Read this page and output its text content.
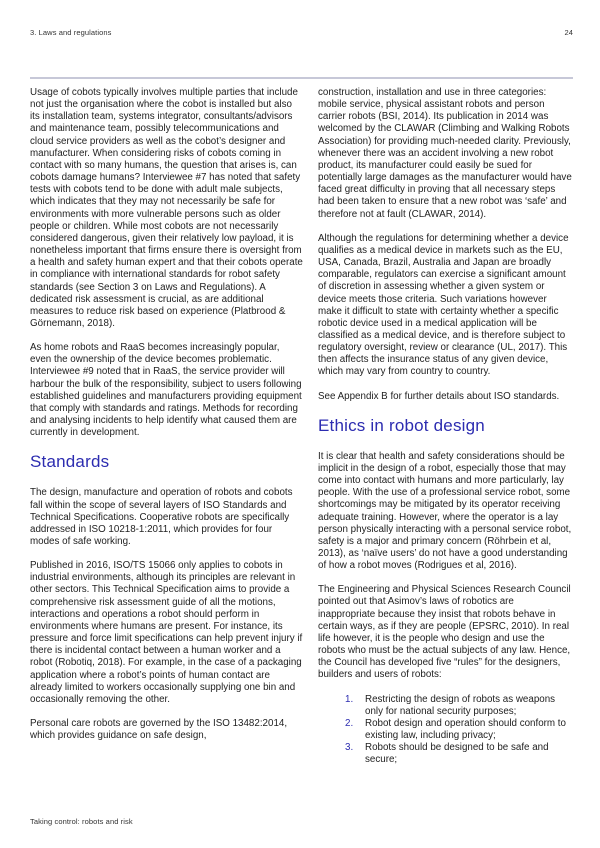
3. Laws and regulations	24

Usage of cobots typically involves multiple parties that include not just the organisation where the cobot is installed but also its installation team, systems integrator, consultants/advisors and maintenance team, possibly telecommunications and cloud service providers as well as the cobot’s designer and manufacturer. When considering risks of cobots coming in contact with so many humans, the question that arises is, can cobots damage humans? Interviewee #7 has noted that safety tests with cobots tend to be done with adult male subjects, which indicates that they may not necessarily be safe for environments with more vulnerable persons such as older people or children. While most cobots are not necessarily considered dangerous, given their relatively low payload, it is nonetheless important that firms ensure there is oversight from a health and safety human expert and that their cobots operate in compliance with international standards for robot safety standards (see Section 3 on Laws and Regulations). A dedicated risk assessment is crucial, as are additional measures to reduce risk based on experience (Platbrood & Görnemann, 2018).

As home robots and RaaS becomes increasingly popular, even the ownership of the device becomes problematic. Interviewee #9 noted that in RaaS, the service provider will harbour the bulk of the responsibility, subject to users following established guidelines and manufacturers providing equipment that comply with standards and ratings. Methods for recording and analysing incidents to help identify what caused them are currently in development.

Standards

The design, manufacture and operation of robots and cobots fall within the scope of several layers of ISO Standards and Technical Specifications. Cooperative robots are specifically addressed in ISO 10218-1:2011, which provides for four modes of safe working.

Published in 2016, ISO/TS 15066 only applies to cobots in industrial environments, although its principles are relevant in other sectors. This Technical Specification aims to provide a comprehensive risk assessment guide of all the motions, interactions and operations a robot should perform in environments where humans are present. For instance, its pressure and force limit specifications can help prevent injury if there is incidental contact between a human worker and a robot (Robotiq, 2018). For example, in the case of a packaging application where a robot’s points of human contact are already limited to workers occasionally supplying one bin and occasionally removing the other.

Personal care robots are governed by the ISO 13482:2014, which provides guidance on safe design,

construction, installation and use in three categories: mobile service, physical assistant robots and person carrier robots (BSI, 2014). Its publication in 2014 was welcomed by the CLAWAR (Climbing and Walking Robots Association) for providing much-needed clarity. Previously, whenever there was an accident involving a new robot product, its manufacturer could easily be sued for potentially large damages as the manufacturer would have faced great difficulty in proving that all necessary steps had been taken to ensure that a new robot was ‘safe’ and therefore not at fault (CLAWAR, 2014).

Although the regulations for determining whether a device qualifies as a medical device in markets such as the EU, USA, Canada, Brazil, Australia and Japan are broadly comparable, regulators can exercise a significant amount of discretion in assessing whether a given system or device meets those criteria. Such variations however make it difficult to state with certainty whether a specific robotic device used in a medical application will be classified as a medical device, and is therefore subject to regulatory oversight, review or clearance (UL, 2017). This then affects the insurance status of any given device, which may vary from country to country.

See Appendix B for further details about ISO standards.

Ethics in robot design

It is clear that health and safety considerations should be implicit in the design of a robot, especially those that may come into contact with humans and more particularly, lay people. With the use of a professional service robot, some shortcomings may be mitigated by its operator receiving adequate training. However, where the operator is a lay person physically interacting with a personal service robot, safety is a major and primary concern (Röhrbein et al, 2013), as ‘naïve users’ do not have a good understanding of how a robot moves (Rodrigues et al, 2016).

The Engineering and Physical Sciences Research Council pointed out that Asimov’s laws of robotics are inappropriate because they insist that robots behave in certain ways, as if they are people (EPSRC, 2010). In real life however, it is the people who design and use the robots who must be the actual subjects of any law. Hence, the Council has developed five “rules” for the designers, builders and users of robots:

1.	Restricting the design of robots as weapons only for national security purposes;
2.	Robot design and operation should conform to existing law, including privacy;
3.	Robots should be designed to be safe and secure;
Taking control: robots and risk
